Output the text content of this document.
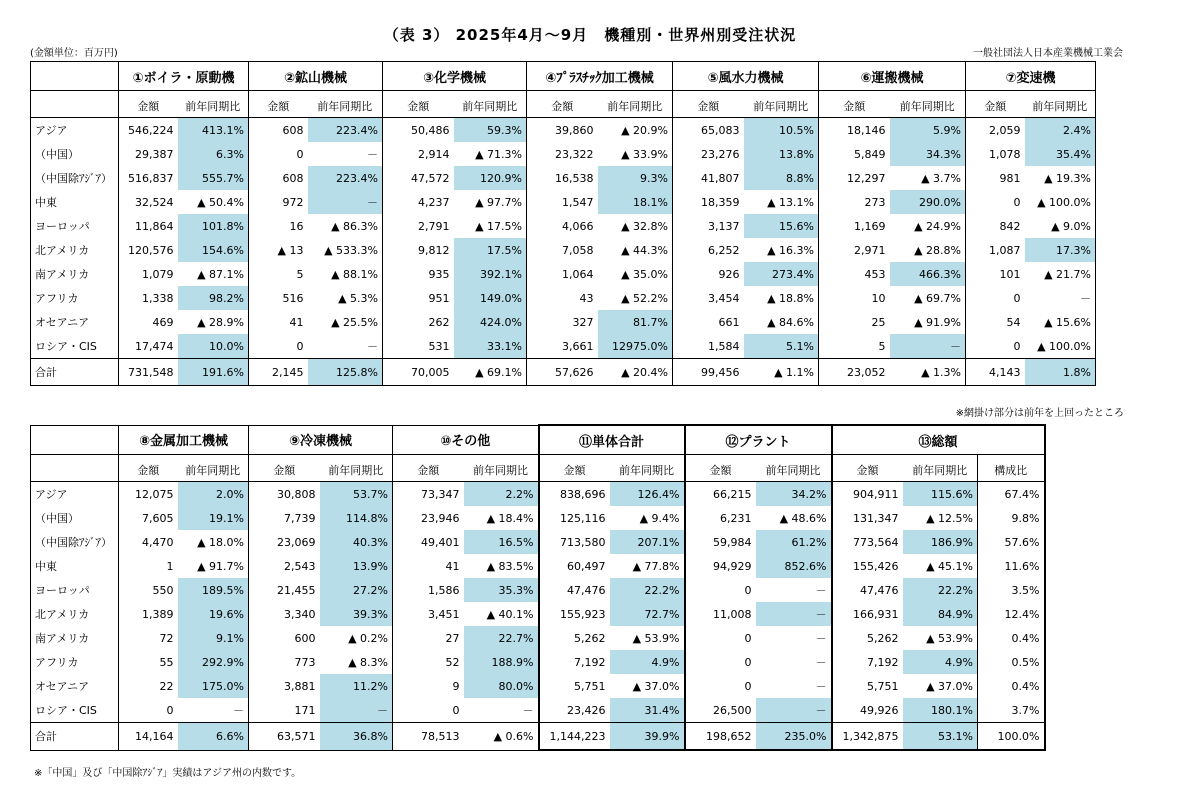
（表 3） 2025年4月～9月　機種別・世界州別受注状況
(金額単位：百万円)	一般社団法人日本産業機械工業会
	①ボイラ・原動機		②鉱山機械		③化学機械		④ﾌﾟﾗｽﾁｯｸ加工機械		⑤風水力機械		⑥運搬機械		⑦変速機	
	金額	前年同期比	金額	前年同期比	金額	前年同期比	金額	前年同期比	金額	前年同期比	金額	前年同期比	金額	前年同期比
アジア	546,224	413.1%	608	223.4%	50,486	59.3%	39,860	▲ 20.9%	65,083	10.5%	18,146	5.9%	2,059	2.4%
（中国）	29,387	6.3%	0	－	2,914	▲ 71.3%	23,322	▲ 33.9%	23,276	13.8%	5,849	34.3%	1,078	35.4%
（中国除ｱｼﾞｱ）	516,837	555.7%	608	223.4%	47,572	120.9%	16,538	9.3%	41,807	8.8%	12,297	▲ 3.7%	981	▲ 19.3%
中東	32,524	▲ 50.4%	972	－	4,237	▲ 97.7%	1,547	18.1%	18,359	▲ 13.1%	273	290.0%	0	▲ 100.0%
ヨーロッパ	11,864	101.8%	16	▲ 86.3%	2,791	▲ 17.5%	4,066	▲ 32.8%	3,137	15.6%	1,169	▲ 24.9%	842	▲ 9.0%
北アメリカ	120,576	154.6%	▲ 13	▲ 533.3%	9,812	17.5%	7,058	▲ 44.3%	6,252	▲ 16.3%	2,971	▲ 28.8%	1,087	17.3%
南アメリカ	1,079	▲ 87.1%	5	▲ 88.1%	935	392.1%	1,064	▲ 35.0%	926	273.4%	453	466.3%	101	▲ 21.7%
アフリカ	1,338	98.2%	516	▲ 5.3%	951	149.0%	43	▲ 52.2%	3,454	▲ 18.8%	10	▲ 69.7%	0	－
オセアニア	469	▲ 28.9%	41	▲ 25.5%	262	424.0%	327	81.7%	661	▲ 84.6%	25	▲ 91.9%	54	▲ 15.6%
ロシア・CIS	17,474	10.0%	0	－	531	33.1%	3,661	12975.0%	1,584	5.1%	5	－	0	▲ 100.0%
合計	731,548	191.6%	2,145	125.8%	70,005	▲ 69.1%	57,626	▲ 20.4%	99,456	▲ 1.1%	23,052	▲ 1.3%	4,143	1.8%
※網掛け部分は前年を上回ったところ
	⑧金属加工機械		⑨冷凍機械		⑩その他		⑪単体合計		⑫プラント		⑬総額		
	金額	前年同期比	金額	前年同期比	金額	前年同期比	金額	前年同期比	金額	前年同期比	金額	前年同期比	構成比
アジア	12,075	2.0%	30,808	53.7%	73,347	2.2%	838,696	126.4%	66,215	34.2%	904,911	115.6%	67.4%
（中国）	7,605	19.1%	7,739	114.8%	23,946	▲ 18.4%	125,116	▲ 9.4%	6,231	▲ 48.6%	131,347	▲ 12.5%	9.8%
（中国除ｱｼﾞｱ）	4,470	▲ 18.0%	23,069	40.3%	49,401	16.5%	713,580	207.1%	59,984	61.2%	773,564	186.9%	57.6%
中東	1	▲ 91.7%	2,543	13.9%	41	▲ 83.5%	60,497	▲ 77.8%	94,929	852.6%	155,426	▲ 45.1%	11.6%
ヨーロッパ	550	189.5%	21,455	27.2%	1,586	35.3%	47,476	22.2%	0	－	47,476	22.2%	3.5%
北アメリカ	1,389	19.6%	3,340	39.3%	3,451	▲ 40.1%	155,923	72.7%	11,008	－	166,931	84.9%	12.4%
南アメリカ	72	9.1%	600	▲ 0.2%	27	22.7%	5,262	▲ 53.9%	0	－	5,262	▲ 53.9%	0.4%
アフリカ	55	292.9%	773	▲ 8.3%	52	188.9%	7,192	4.9%	0	－	7,192	4.9%	0.5%
オセアニア	22	175.0%	3,881	11.2%	9	80.0%	5,751	▲ 37.0%	0	－	5,751	▲ 37.0%	0.4%
ロシア・CIS	0	－	171	－	0	－	23,426	31.4%	26,500	－	49,926	180.1%	3.7%
合計	14,164	6.6%	63,571	36.8%	78,513	▲ 0.6%	1,144,223	39.9%	198,652	235.0%	1,342,875	53.1%	100.0%
※「中国」及び「中国除ｱｼﾞｱ」実績はアジア州の内数です。
